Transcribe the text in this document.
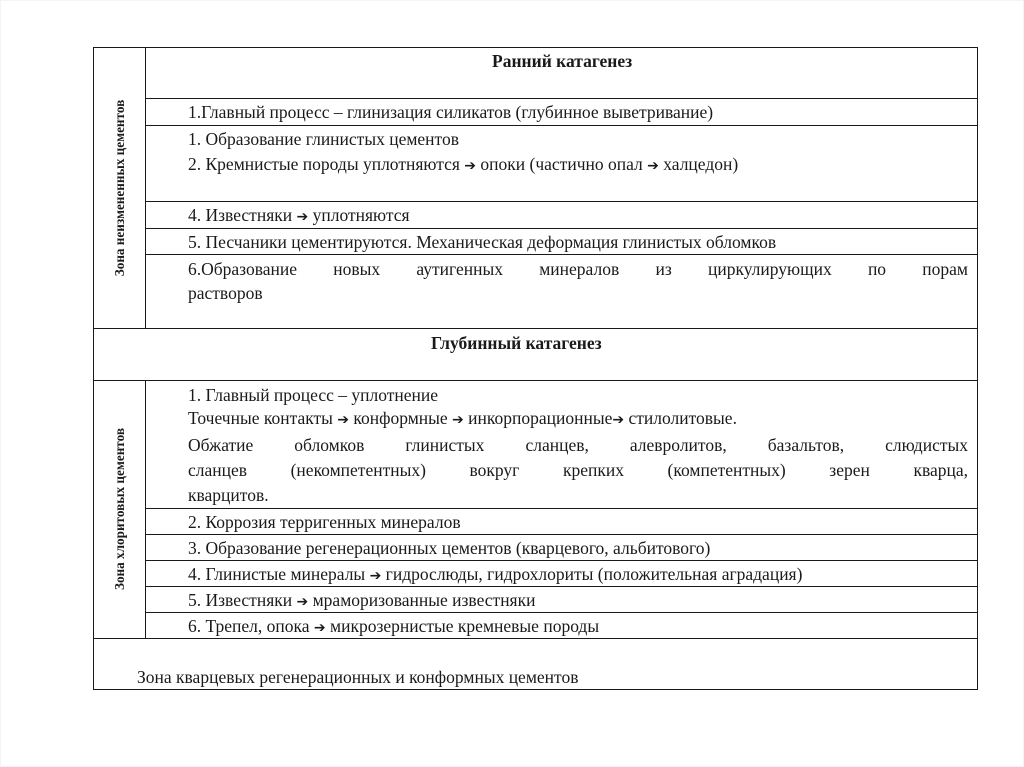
Зона неизмененных цементов
Зона хлоритовых цементов
Ранний катагенез
1.Главный процесс – глинизация силикатов (глубинное выветривание)
1. Образование глинистых цементов
2. Кремнистые породы уплотняются ➔ опоки (частично опал ➔ халцедон)
4. Известняки ➔ уплотняются
5. Песчаники цементируются. Механическая деформация глинистых обломков
6.Образование новых аутигенных минералов из циркулирующих по порам
растворов
Глубинный катагенез
1. Главный процесс – уплотнение
Точечные контакты ➔ конформные ➔ инкорпорационные➔ стилолитовые.
Обжатие обломков глинистых сланцев, алевролитов, базальтов, слюдистых
сланцев (некомпетентных) вокруг крепких (компетентных) зерен кварца,
кварцитов.
2. Коррозия терригенных минералов
3. Образование регенерационных цементов (кварцевого, альбитового)
4. Глинистые минералы ➔ гидрослюды, гидрохлориты (положительная аградация)
5. Известняки ➔ мраморизованные известняки
6. Трепел, опока ➔ микрозернистые кремневые породы
Зона кварцевых регенерационных и конформных цементов
